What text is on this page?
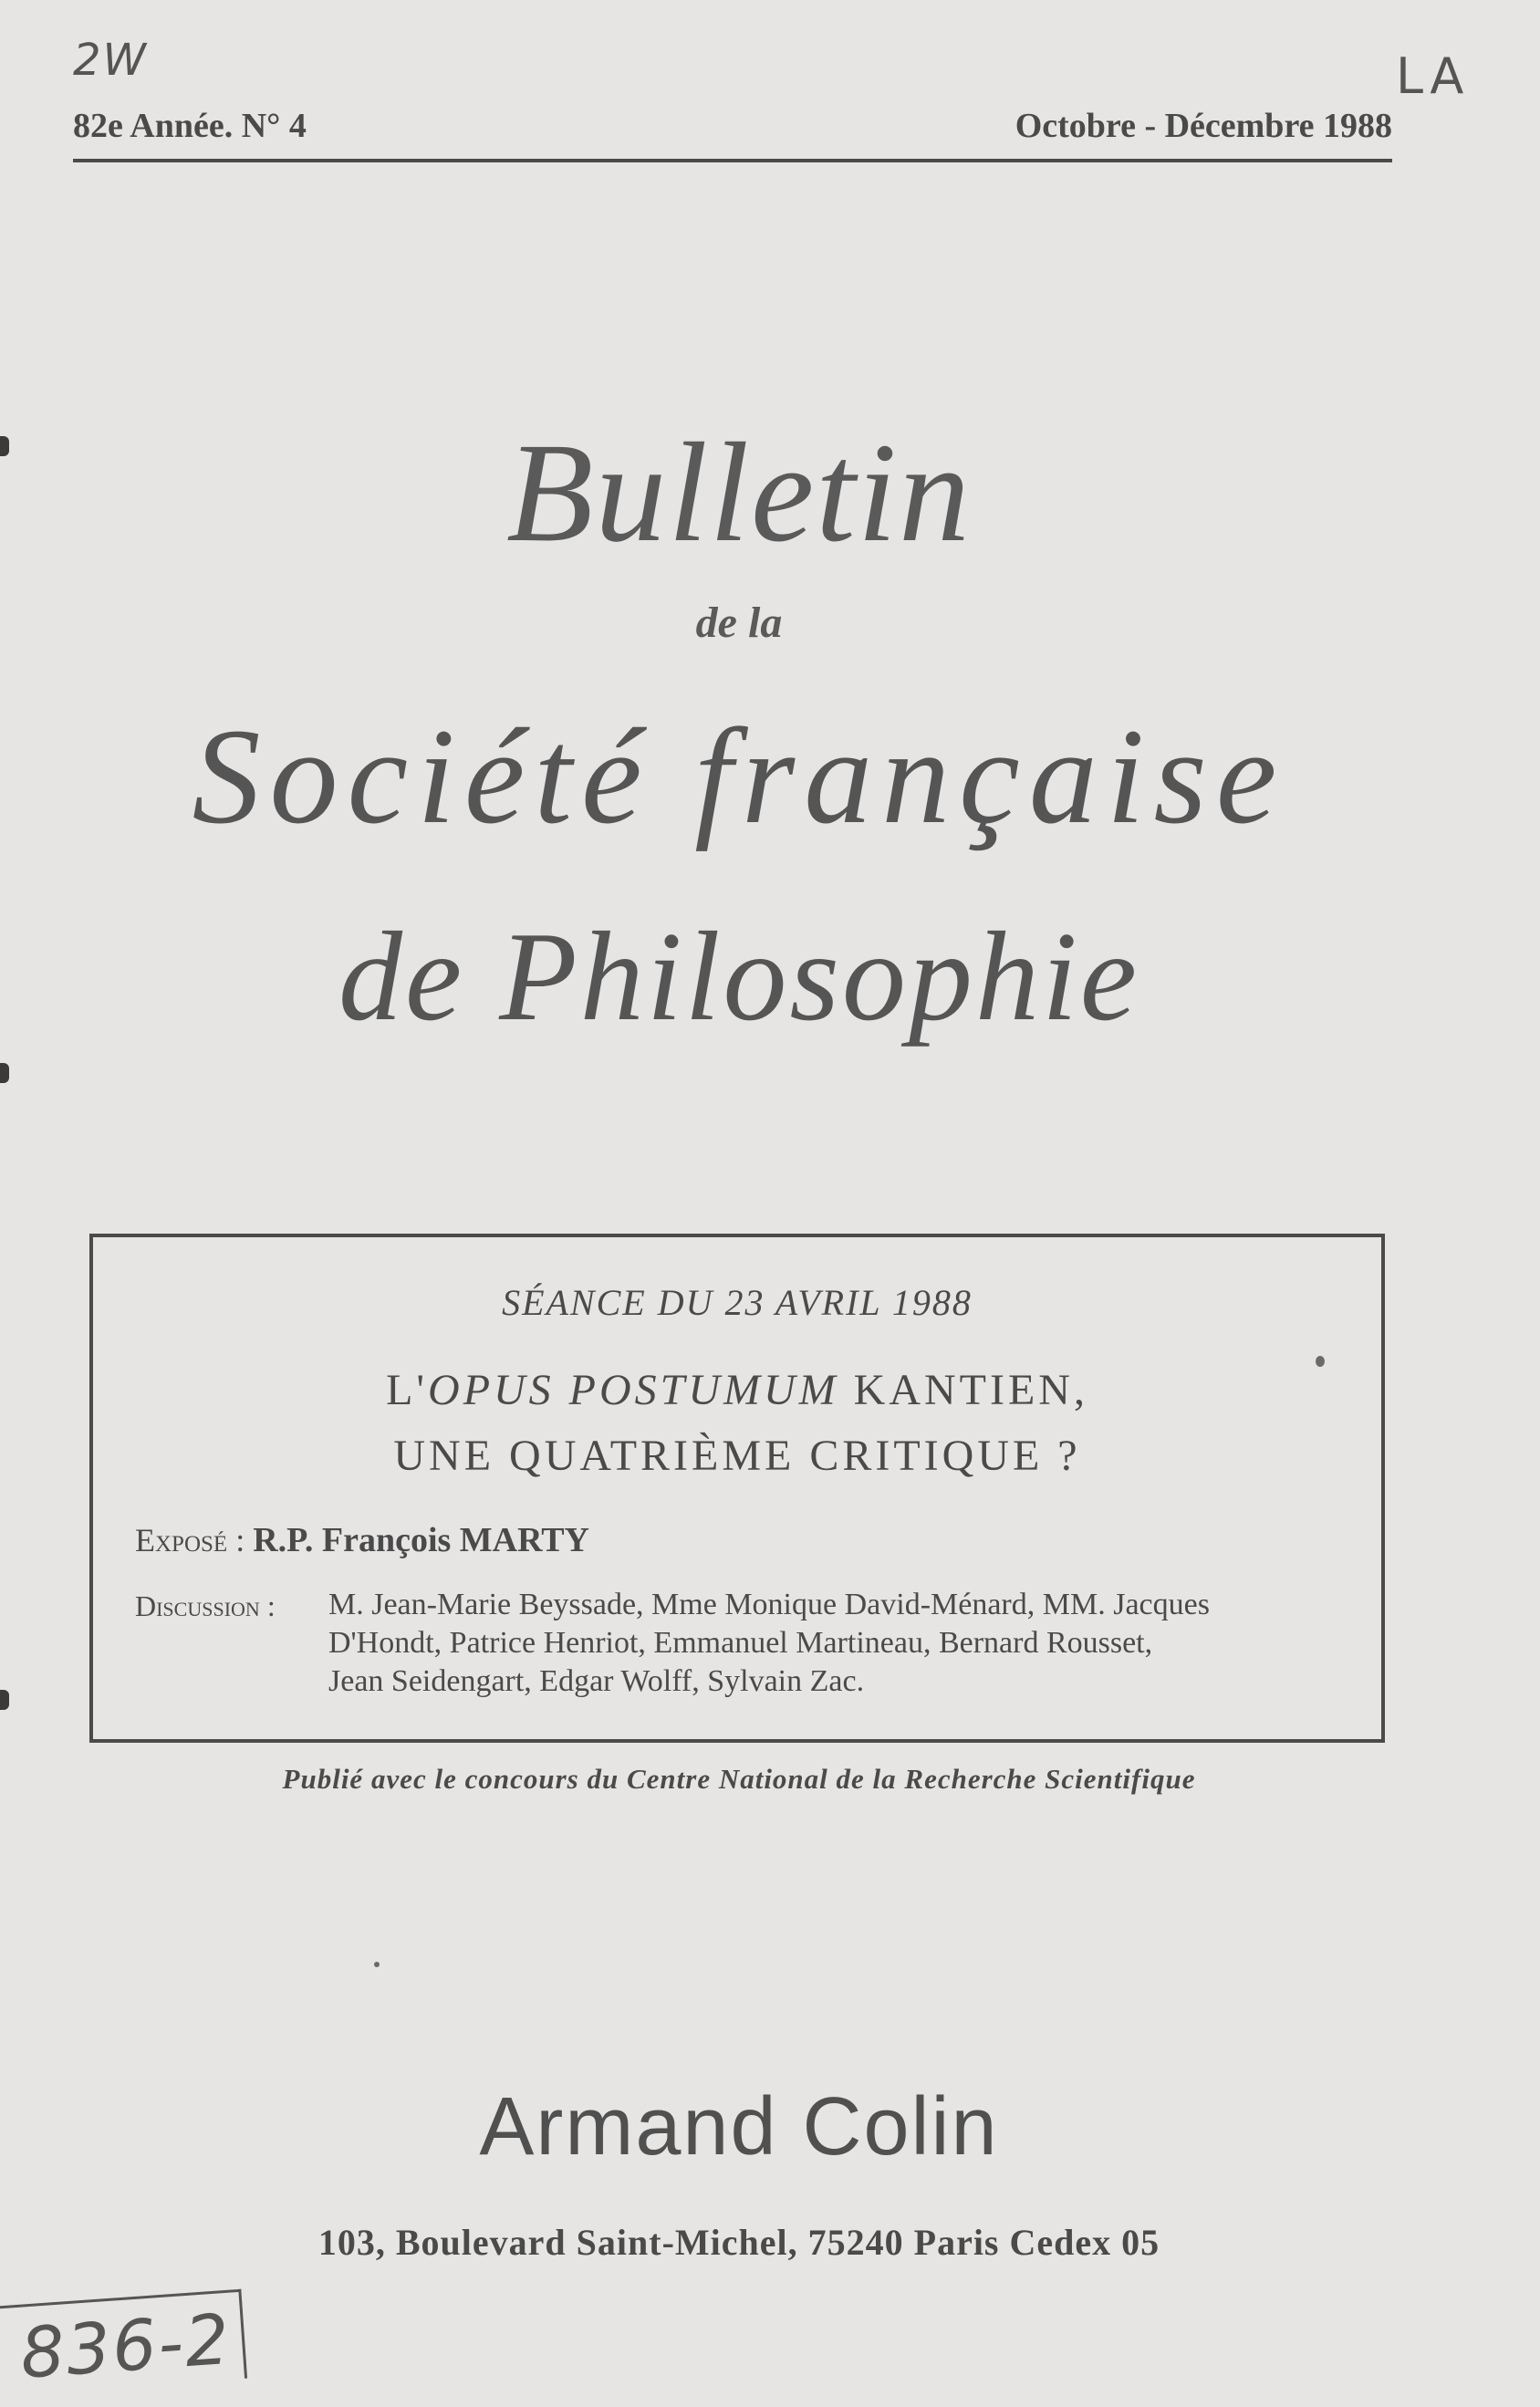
2W	LA
82e Année. N° 4	Octobre - Décembre 1988
Bulletin
de la
Société française
de Philosophie
SÉANCE DU 23 AVRIL 1988
L'OPUS POSTUMUM KANTIEN,
UNE QUATRIÈME CRITIQUE ?
Exposé : R.P. François MARTY
Discussion : M. Jean-Marie Beyssade, Mme Monique David-Ménard, MM. Jacques
D'Hondt, Patrice Henriot, Emmanuel Martineau, Bernard Rousset,
Jean Seidengart, Edgar Wolff, Sylvain Zac.
Publié avec le concours du Centre National de la Recherche Scientifique
Armand Colin
103, Boulevard Saint-Michel, 75240 Paris Cedex 05
836-2
